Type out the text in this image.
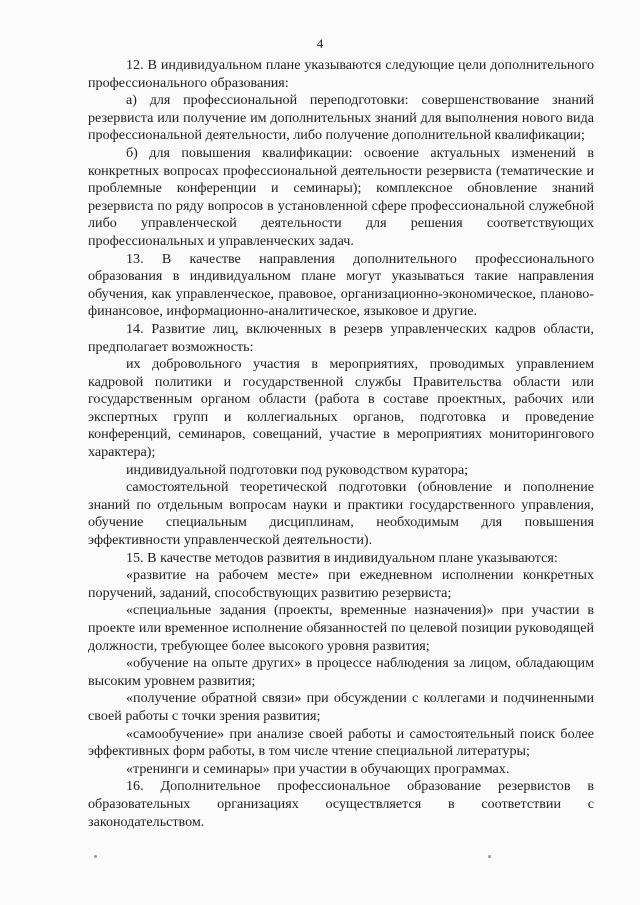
4

12. В индивидуальном плане указываются следующие цели дополнительного профессионального образования:

а) для профессиональной переподготовки: совершенствование знаний резервиста или получение им дополнительных знаний для выполнения нового вида профессиональной деятельности, либо получение дополнительной квалификации;

б) для повышения квалификации: освоение актуальных изменений в конкретных вопросах профессиональной деятельности резервиста (тематические и проблемные конференции и семинары); комплексное обновление знаний резервиста по ряду вопросов в установленной сфере профессиональной служебной либо управленческой деятельности для решения соответствующих профессиональных и управленческих задач.

13. В качестве направления дополнительного профессионального образования в индивидуальном плане могут указываться такие направления обучения, как управленческое, правовое, организационно-экономическое, планово-финансовое, информационно-аналитическое, языковое и другие.

14. Развитие лиц, включенных в резерв управленческих кадров области, предполагает возможность:

их добровольного участия в мероприятиях, проводимых управлением кадровой политики и государственной службы Правительства области или государственным органом области (работа в составе проектных, рабочих или экспертных групп и коллегиальных органов, подготовка и проведение конференций, семинаров, совещаний, участие в мероприятиях мониторингового характера);

индивидуальной подготовки под руководством куратора;

самостоятельной теоретической подготовки (обновление и пополнение знаний по отдельным вопросам науки и практики государственного управления, обучение специальным дисциплинам, необходимым для повышения эффективности управленческой деятельности).

15. В качестве методов развития в индивидуальном плане указываются:

«развитие на рабочем месте» при ежедневном исполнении конкретных поручений, заданий, способствующих развитию резервиста;

«специальные задания (проекты, временные назначения)» при участии в проекте или временное исполнение обязанностей по целевой позиции руководящей должности, требующее более высокого уровня развития;

«обучение на опыте других» в процессе наблюдения за лицом, обладающим высоким уровнем развития;

«получение обратной связи» при обсуждении с коллегами и подчиненными своей работы с точки зрения развития;

«самообучение» при анализе своей работы и самостоятельный поиск более эффективных форм работы, в том числе чтение специальной литературы;

«тренинги и семинары» при участии в обучающих программах.

16. Дополнительное профессиональное образование резервистов в образовательных организациях осуществляется в соответствии с законодательством.
